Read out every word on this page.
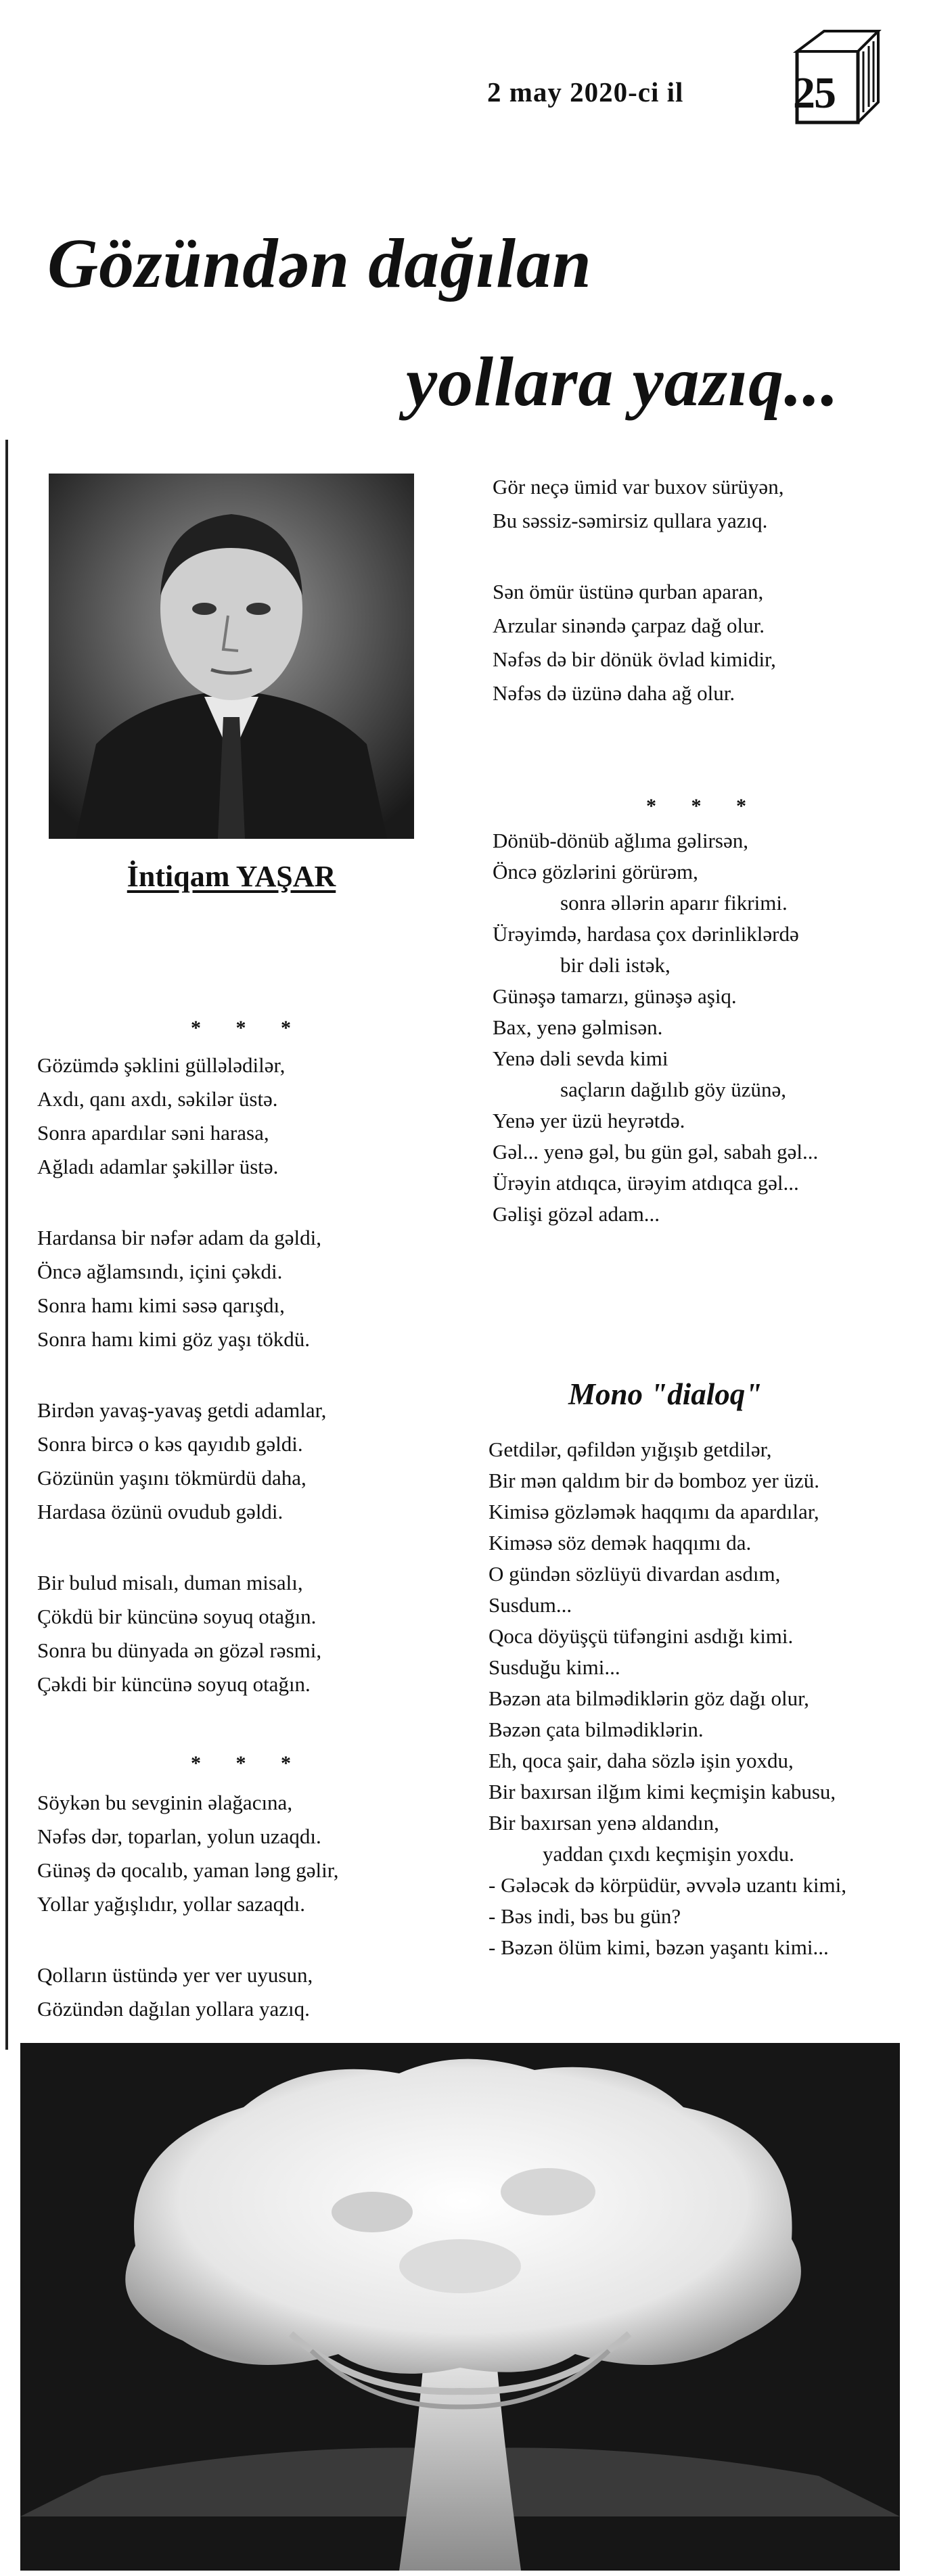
2 may 2020-ci il 25
Gözündən dağılan
yollara yazıq...
İntiqam YAŞAR
* * *
Gözümdə şəklini güllələdilər,
Axdı, qanı axdı, səkilər üstə.
Sonra apardılar səni harasa,
Ağladı adamlar şəkillər üstə.
Hardansa bir nəfər adam da gəldi,
Öncə ağlamsındı, içini çəkdi.
Sonra hamı kimi səsə qarışdı,
Sonra hamı kimi göz yaşı tökdü.
Birdən yavaş-yavaş getdi adamlar,
Sonra bircə o kəs qayıdıb gəldi.
Gözünün yaşını tökmürdü daha,
Hardasa özünü ovudub gəldi.
Bir bulud misalı, duman misalı,
Çökdü bir küncünə soyuq otağın.
Sonra bu dünyada ən gözəl rəsmi,
Çəkdi bir küncünə soyuq otağın.
* * *
Söykən bu sevginin əlağacına,
Nəfəs dər, toparlan, yolun uzaqdı.
Günəş də qocalıb, yaman ləng gəlir,
Yollar yağışlıdır, yollar sazaqdı.
Qolların üstündə yer ver uyusun,
Gözündən dağılan yollara yazıq.
Gör neçə ümid var buxov sürüyən,
Bu səssiz-səmirsiz qullara yazıq.
Sən ömür üstünə qurban aparan,
Arzular sinəndə çarpaz dağ olur.
Nəfəs də bir dönük övlad kimidir,
Nəfəs də üzünə daha ağ olur.
* * *
Dönüb-dönüb ağlıma gəlirsən,
Öncə gözlərini görürəm,
sonra əllərin aparır fikrimi.
Ürəyimdə, hardasa çox dərinliklərdə
bir dəli istək,
Günəşə tamarzı, günəşə aşiq.
Bax, yenə gəlmisən.
Yenə dəli sevda kimi
saçların dağılıb göy üzünə,
Yenə yer üzü heyrətdə.
Gəl... yenə gəl, bu gün gəl, sabah gəl...
Ürəyin atdıqca, ürəyim atdıqca gəl...
Gəlişi gözəl adam...
Mono "dialoq"
Getdilər, qəfildən yığışıb getdilər,
Bir mən qaldım bir də bomboz yer üzü.
Kimisə gözləmək haqqımı da apardılar,
Kiməsə söz demək haqqımı da.
O gündən sözlüyü divardan asdım,
Susdum...
Qoca döyüşçü tüfəngini asdığı kimi.
Susduğu kimi...
Bəzən ata bilmədiklərin göz dağı olur,
Bəzən çata bilmədiklərin.
Eh, qoca şair, daha sözlə işin yoxdu,
Bir baxırsan ilğım kimi keçmişin kabusu,
Bir baxırsan yenə aldandın,
yaddan çıxdı keçmişin yoxdu.
- Gələcək də körpüdür, əvvələ uzantı kimi,
- Bəs indi, bəs bu gün?
- Bəzən ölüm kimi, bəzən yaşantı kimi...
